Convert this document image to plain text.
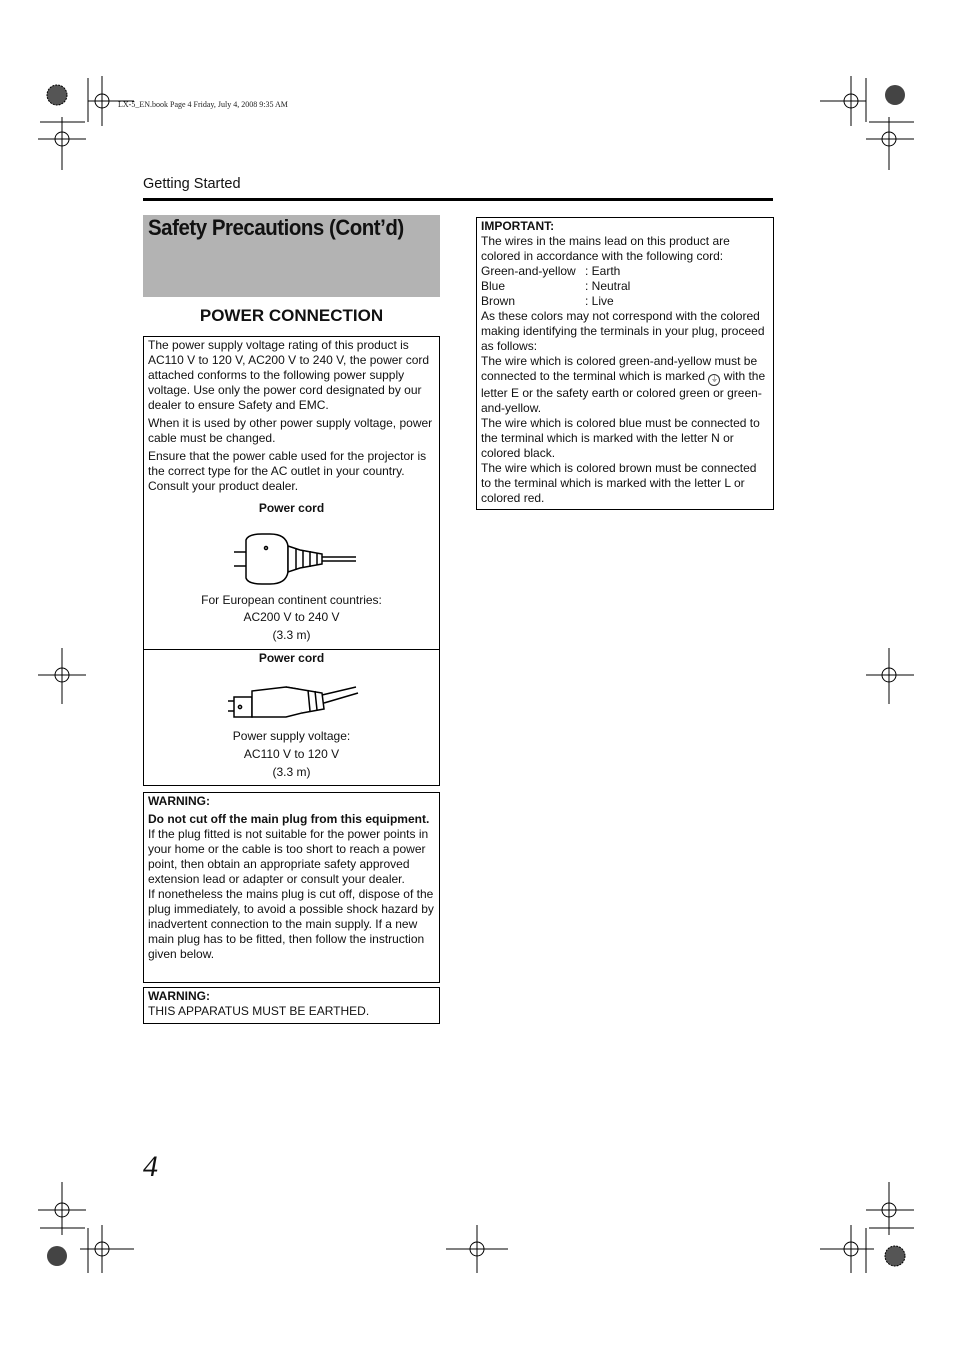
LX-5_EN.book Page 4 Friday, July 4, 2008 9:35 AM
Getting Started
Safety Precautions (Cont’d)
POWER CONNECTION

The power supply voltage rating of this product is AC110 V to 120 V, AC200 V to 240 V, the power cord attached conforms to the following power supply voltage. Use only the power cord designated by our dealer to ensure Safety and EMC.

When it is used by other power supply voltage, power cable must be changed.

Ensure that the power cable used for the projector is the correct type for the AC outlet in your country. Consult your product dealer.

Power cord
For European continent countries:
AC200 V to 240 V
(3.3 m)
Power cord
Power supply voltage:
AC110 V to 120 V
(3.3 m)
WARNING:
Do not cut off the main plug from this equipment.
If the plug fitted is not suitable for the power points in your home or the cable is too short to reach a power point, then obtain an appropriate safety approved extension lead or adapter or consult your dealer.
If nonetheless the mains plug is cut off, dispose of the plug immediately, to avoid a possible shock hazard by inadvertent connection to the main supply. If a new main plug has to be fitted, then follow the instruction given below.
WARNING:
THIS APPARATUS MUST BE EARTHED.
IMPORTANT:
The wires in the mains lead on this product are colored in accordance with the following cord:
Green-and-yellow : Earth
Blue	: Neutral
Brown	: Live
As these colors may not correspond with the colored making identifying the terminals in your plug, proceed as follows:
The wire which is colored green-and-yellow must be connected to the terminal which is marked ⏚ with the letter E or the safety earth or colored green or green-and-yellow.
The wire which is colored blue must be connected to the terminal which is marked with the letter N or colored black.
The wire which is colored brown must be connected to the terminal which is marked with the letter L or colored red.
4
